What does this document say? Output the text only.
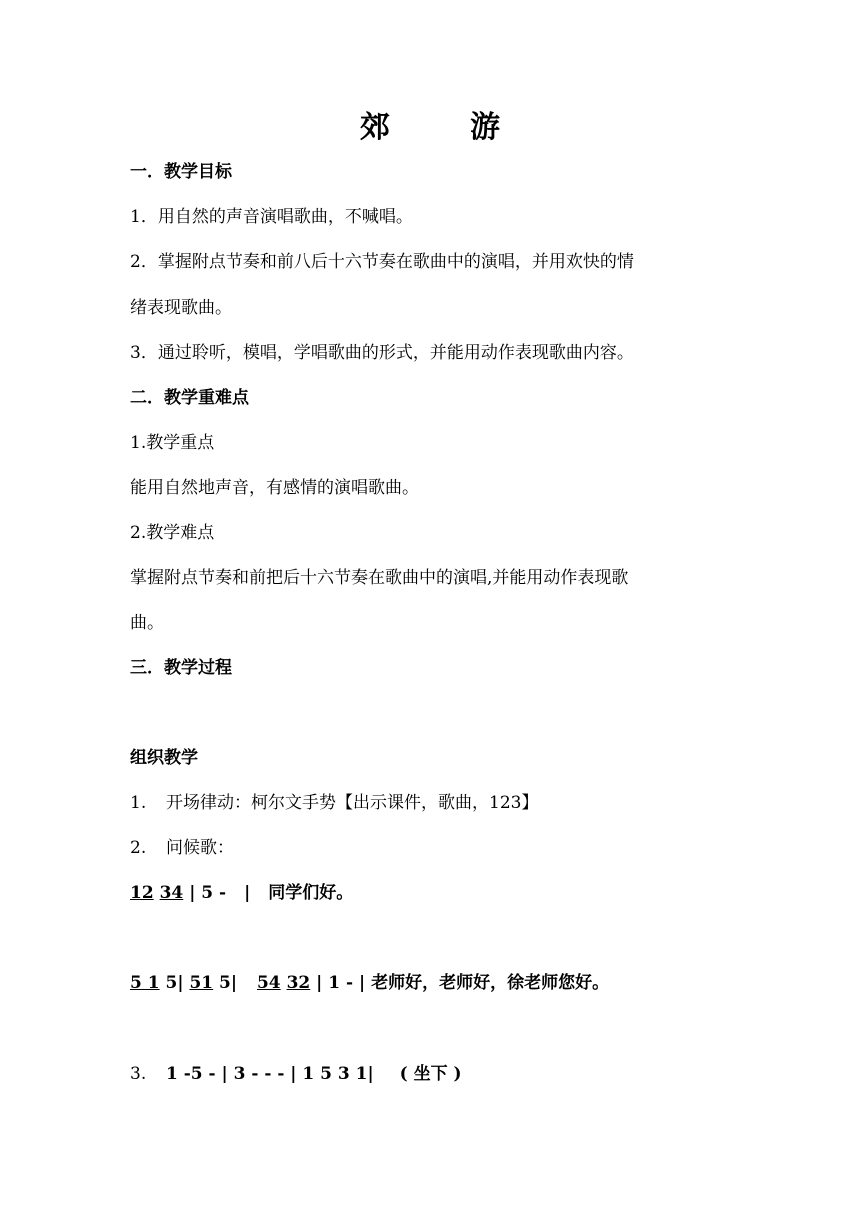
郊	游
一．教学目标
1．用自然的声音演唱歌曲，不喊唱。
2．掌握附点节奏和前八后十六节奏在歌曲中的演唱，并用欢快的情
绪表现歌曲。
3．通过聆听，模唱，学唱歌曲的形式，并能用动作表现歌曲内容。
二．教学重难点
1.教学重点
能用自然地声音，有感情的演唱歌曲。
2.教学难点
掌握附点节奏和前把后十六节奏在歌曲中的演唱,并能用动作表现歌
曲。
三．教学过程
组织教学
1. 开场律动：柯尔文手势【出示课件，歌曲，123】
2. 问候歌：
12 34 | 5 - | 同学们好。
5 1 5| 51 5| 54 32 | 1 - | 老师好，老师好，徐老师您好。
3. 1 -5 - | 3 - - - | 1 5 3 1| ( 坐下 )
